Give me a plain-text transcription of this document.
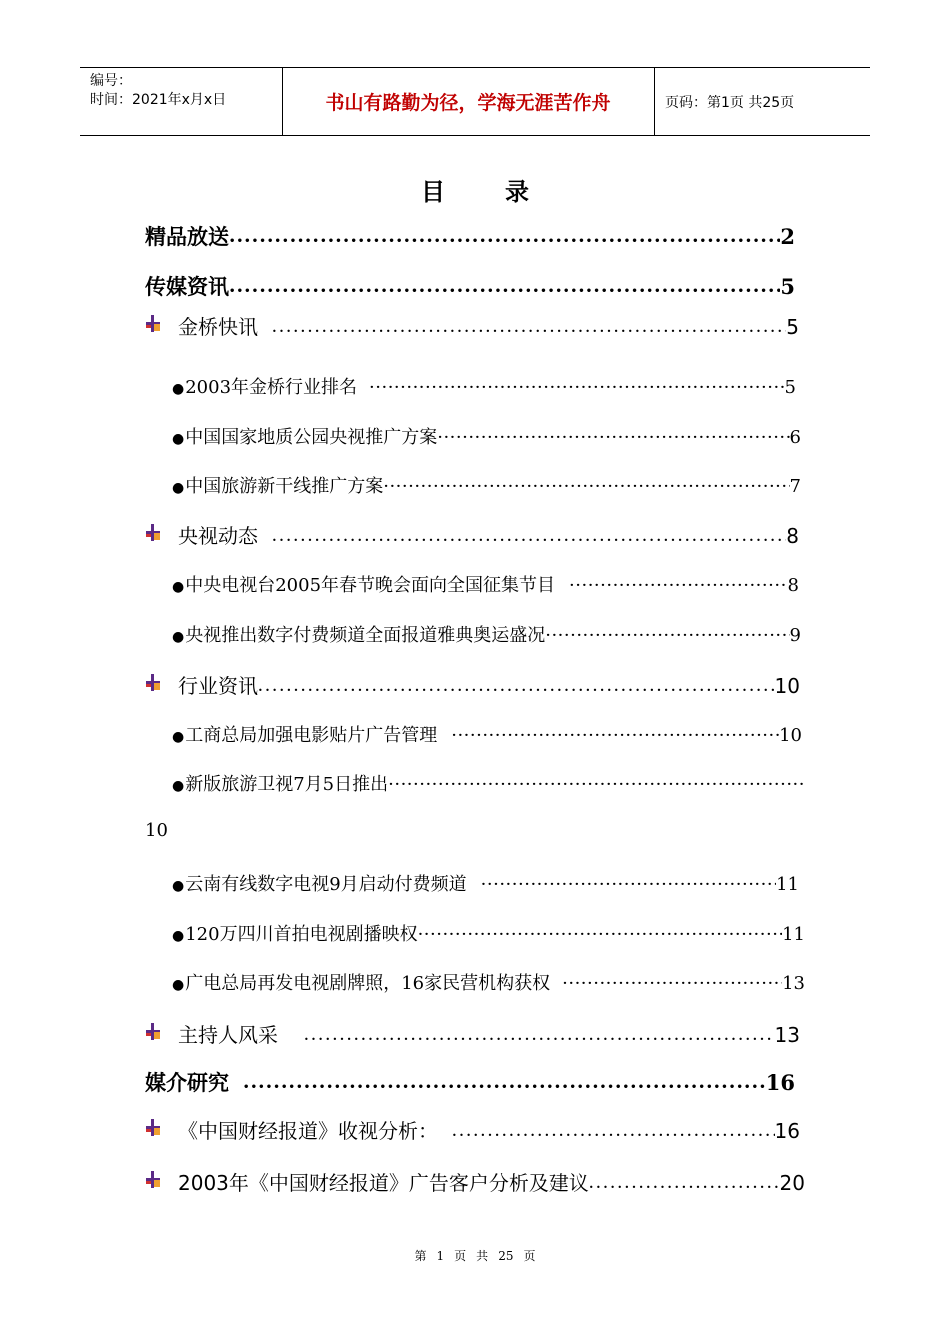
编号：
时间：2021年x月x日	书山有路勤为径，学海无涯苦作舟	页码：第1页 共25页
目	录
精品放送 •••••	2
传媒资讯 •••••	5
金桥快讯 •••••	5
● 2003年金桥行业排名 ·····	5
● 中国国家地质公园央视推广方案 ·····	6
● 中国旅游新干线推广方案 ·····	7
央视动态 •••••	8
● 中央电视台2005年春节晚会面向全国征集节目 ·····	8
● 央视推出数字付费频道全面报道雅典奥运盛况 ·····	9
行业资讯 •••••	10
● 工商总局加强电影贴片广告管理 ·····	10
● 新版旅游卫视7月5日推出
·····
10
● 云南有线数字电视9月启动付费频道 ·····	11
● 120万四川首拍电视剧播映权 ·····	11
● 广电总局再发电视剧牌照，16家民营机构获权 ·····	13
主持人风采 •••••	13
媒介研究 •••••	16
《中国财经报道》收视分析： •••••	16
2003年《中国财经报道》广告客户分析及建议 •••••	20
第 1 页 共 25 页
